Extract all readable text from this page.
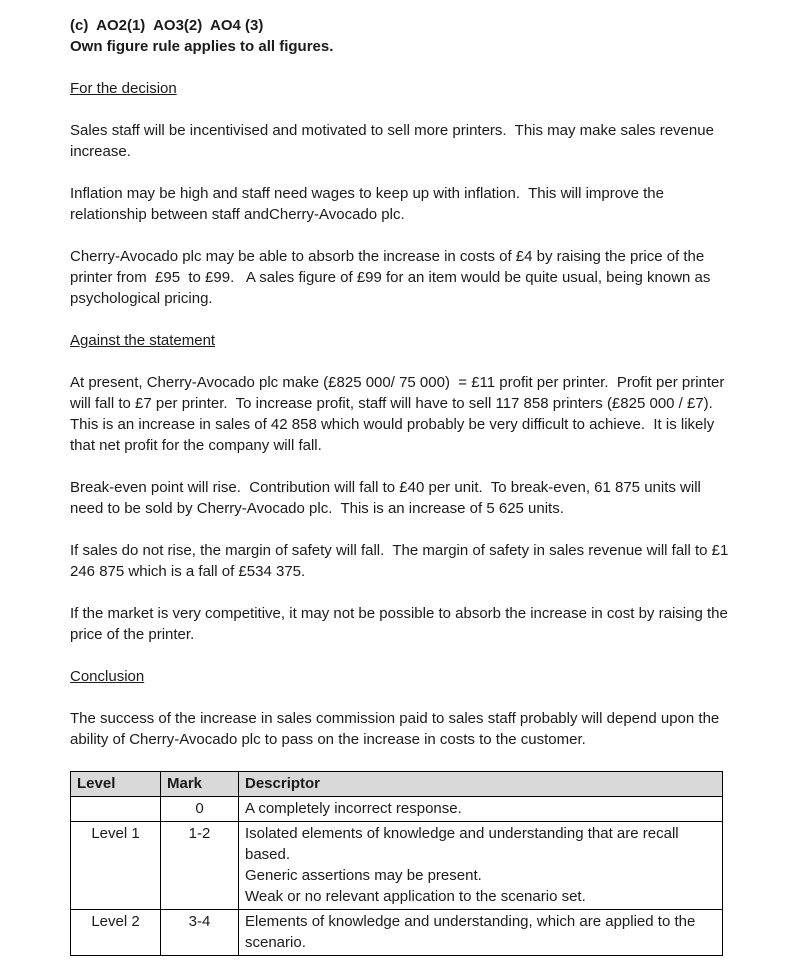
(c)  AO2(1)  AO3(2)  AO4 (3)

Own figure rule applies to all figures.

For the decision

Sales staff will be incentivised and motivated to sell more printers.  This may make sales revenue increase.

Inflation may be high and staff need wages to keep up with inflation.  This will improve the relationship between staff andCherry-Avocado plc.

Cherry-Avocado plc may be able to absorb the increase in costs of £4 by raising the price of the printer from  £95  to £99.   A sales figure of £99 for an item would be quite usual, being known as psychological pricing.

Against the statement

At present, Cherry-Avocado plc make (£825 000/ 75 000)  = £11 profit per printer.  Profit per printer will fall to £7 per printer.  To increase profit, staff will have to sell 117 858 printers (£825 000 / £7).  This is an increase in sales of 42 858 which would probably be very difficult to achieve.  It is likely that net profit for the company will fall.

Break-even point will rise.  Contribution will fall to £40 per unit.  To break-even, 61 875 units will need to be sold by Cherry-Avocado plc.  This is an increase of 5 625 units.

If sales do not rise, the margin of safety will fall.  The margin of safety in sales revenue will fall to £1 246 875 which is a fall of £534 375.

If the market is very competitive, it may not be possible to absorb the increase in cost by raising the price of the printer.

Conclusion

The success of the increase in sales commission paid to sales staff probably will depend upon the ability of Cherry-Avocado plc to pass on the increase in costs to the customer.

Level	Mark	Descriptor
	0	A completely incorrect response.

Level 1	1-2	Isolated elements of knowledge and understanding that are recall based.
Generic assertions may be present.
Weak or no relevant application to the scenario set.

Level 2	3-4	Elements of knowledge and understanding, which are applied to the scenario.
